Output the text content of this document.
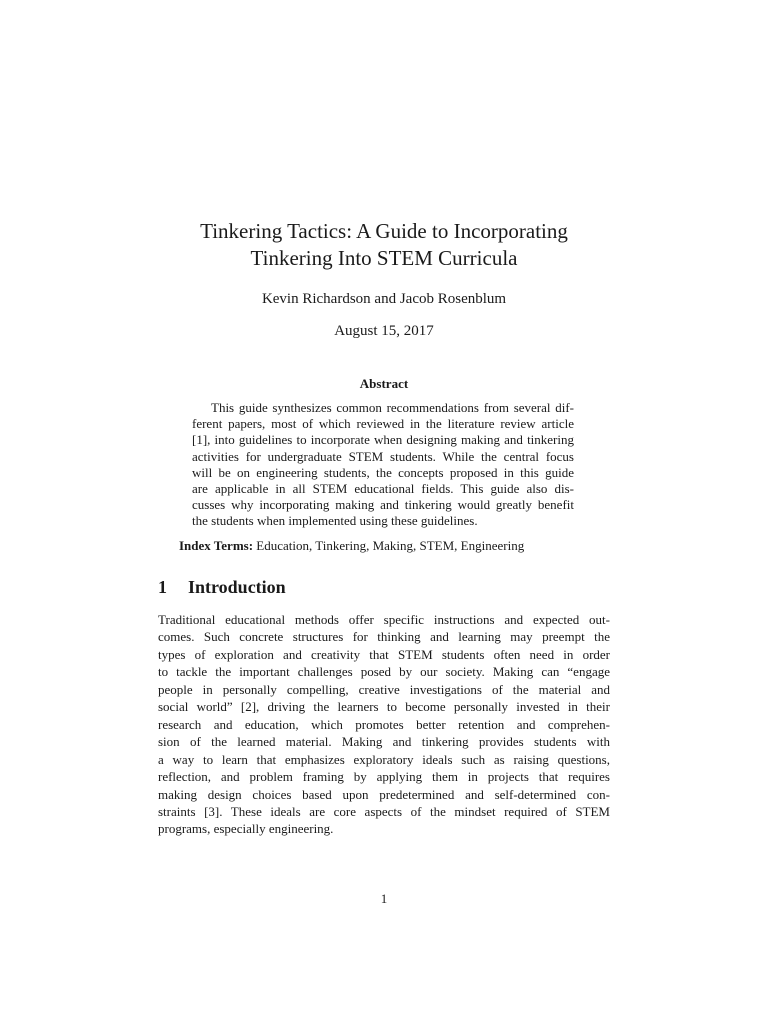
Tinkering Tactics: A Guide to Incorporating
Tinkering Into STEM Curricula
Kevin Richardson and Jacob Rosenblum
August 15, 2017
Abstract
This guide synthesizes common recommendations from several dif-
ferent papers, most of which reviewed in the literature review article
[1], into guidelines to incorporate when designing making and tinkering
activities for undergraduate STEM students. While the central focus
will be on engineering students, the concepts proposed in this guide
are applicable in all STEM educational fields. This guide also dis-
cusses why incorporating making and tinkering would greatly benefit
the students when implemented using these guidelines.
Index Terms: Education, Tinkering, Making, STEM, Engineering
1 Introduction
Traditional educational methods offer specific instructions and expected out-
comes. Such concrete structures for thinking and learning may preempt the
types of exploration and creativity that STEM students often need in order
to tackle the important challenges posed by our society. Making can “engage
people in personally compelling, creative investigations of the material and
social world” [2], driving the learners to become personally invested in their
research and education, which promotes better retention and comprehen-
sion of the learned material. Making and tinkering provides students with
a way to learn that emphasizes exploratory ideals such as raising questions,
reflection, and problem framing by applying them in projects that requires
making design choices based upon predetermined and self-determined con-
straints [3]. These ideals are core aspects of the mindset required of STEM
programs, especially engineering.
1
